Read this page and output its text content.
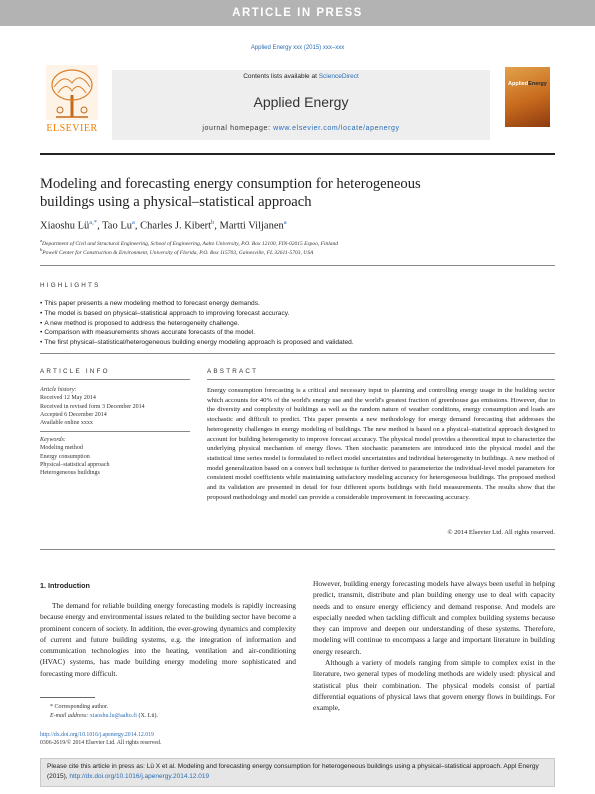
ARTICLE IN PRESS
Applied Energy xxx (2015) xxx–xxx
ELSEVIER
Contents lists available at ScienceDirect
Applied Energy
journal homepage: www.elsevier.com/locate/apenergy
AppliedEnergy
Modeling and forecasting energy consumption for heterogeneous
buildings using a physical–statistical approach
Xiaoshu $Lü^{a,*}$, Tao Lu$^a$, Charles J. Kibert$^b$, Martti Viljanen$^a$
$^a$Department of Civil and Structural Engineering, School of Engineering, Aalto University, P.O. Box 12100, FIN-02015 Espoo, Finland
$^b$Powell Center for Construction & Environment, University of Florida, P.O. Box 115703, Gainesville, FL 32611-5703, USA
HIGHLIGHTS
• This paper presents a new modeling method to forecast energy demands.
• The model is based on physical–statistical approach to improving forecast accuracy.
• A new method is proposed to address the heterogeneity challenge.
• Comparison with measurements shows accurate forecasts of the model.
• The first physical–statistical/heterogeneous building energy modeling approach is proposed and validated.
ARTICLE INFO	ABSTRACT
Article history:
Received 12 May 2014
Received in revised form 3 December 2014
Accepted 6 December 2014
Available online xxxx
Keywords:
Modeling method
Energy consumption
Physical–statistical approach
Heterogeneous buildings
Energy consumption forecasting is a critical and necessary input to planning and controlling energy usage in the building sector which accounts for 40% of the world's energy use and the world's greatest fraction of greenhouse gas emissions. However, due to the diversity and complexity of buildings as well as the random nature of weather conditions, energy consumption and loads are stochastic and difficult to predict. This paper presents a new methodology for energy demand forecasting that addresses the heterogeneity challenges in energy modeling of buildings. The new method is based on a physical–statistical approach designed to account for building heterogeneity to improve forecast accuracy. The physical model provides a theoretical input to characterize the underlying physical mechanism of energy flows. Then stochastic parameters are introduced into the physical model and the statistical time series model is formulated to reflect model uncertainties and individual heterogeneity in buildings. A new method of model generalization based on a convex hull technique is further derived to parameterize the individual-level model parameters for consistent model coefficients while maintaining satisfactory modeling accuracy for heterogeneous buildings. The proposed method and its validation are presented in detail for four different sports buildings with field measurements. The results show that the proposed methodology and model can provide a considerable improvement in forecasting accuracy.
© 2014 Elsevier Ltd. All rights reserved.
1. Introduction

The demand for reliable building energy forecasting models is rapidly increasing because energy and environmental issues related to the building sector have become a prominent concern of society. In addition, the ever-growing dynamics and complexity of current and future building systems, e.g. the integration of information and communication technologies into the heating, ventilation and air-conditioning (HVAC) systems, has made building energy modeling more sophisticated and forecasting more difficult.

However, building energy forecasting models have always been useful in helping predict, transmit, distribute and plan building energy use to deal with capacity needs and to ensure energy efficiency and demand response. And models are especially needed when tackling difficult and complex building systems because they can improve and deepen our understanding of these systems. Therefore, modeling will continue to encompass a large and important literature in building energy research.

Although a variety of models ranging from simple to complex exist in the literature, two general types of modeling methods are widely used: physical and statistical plus their combination. The physical models consist of partial differential equations of physical laws that govern energy flows in buildings. For example,

* Corresponding author.
E-mail address: xiaoshu.lu@aalto.fi (X. Lü).
http://dx.doi.org/10.1016/j.apenergy.2014.12.019
0306-2619/© 2014 Elsevier Ltd. All rights reserved.
Please cite this article in press as: Lü X et al. Modeling and forecasting energy consumption for heterogeneous buildings using a physical–statistical approach. Appl Energy (2015), http://dx.doi.org/10.1016/j.apenergy.2014.12.019
